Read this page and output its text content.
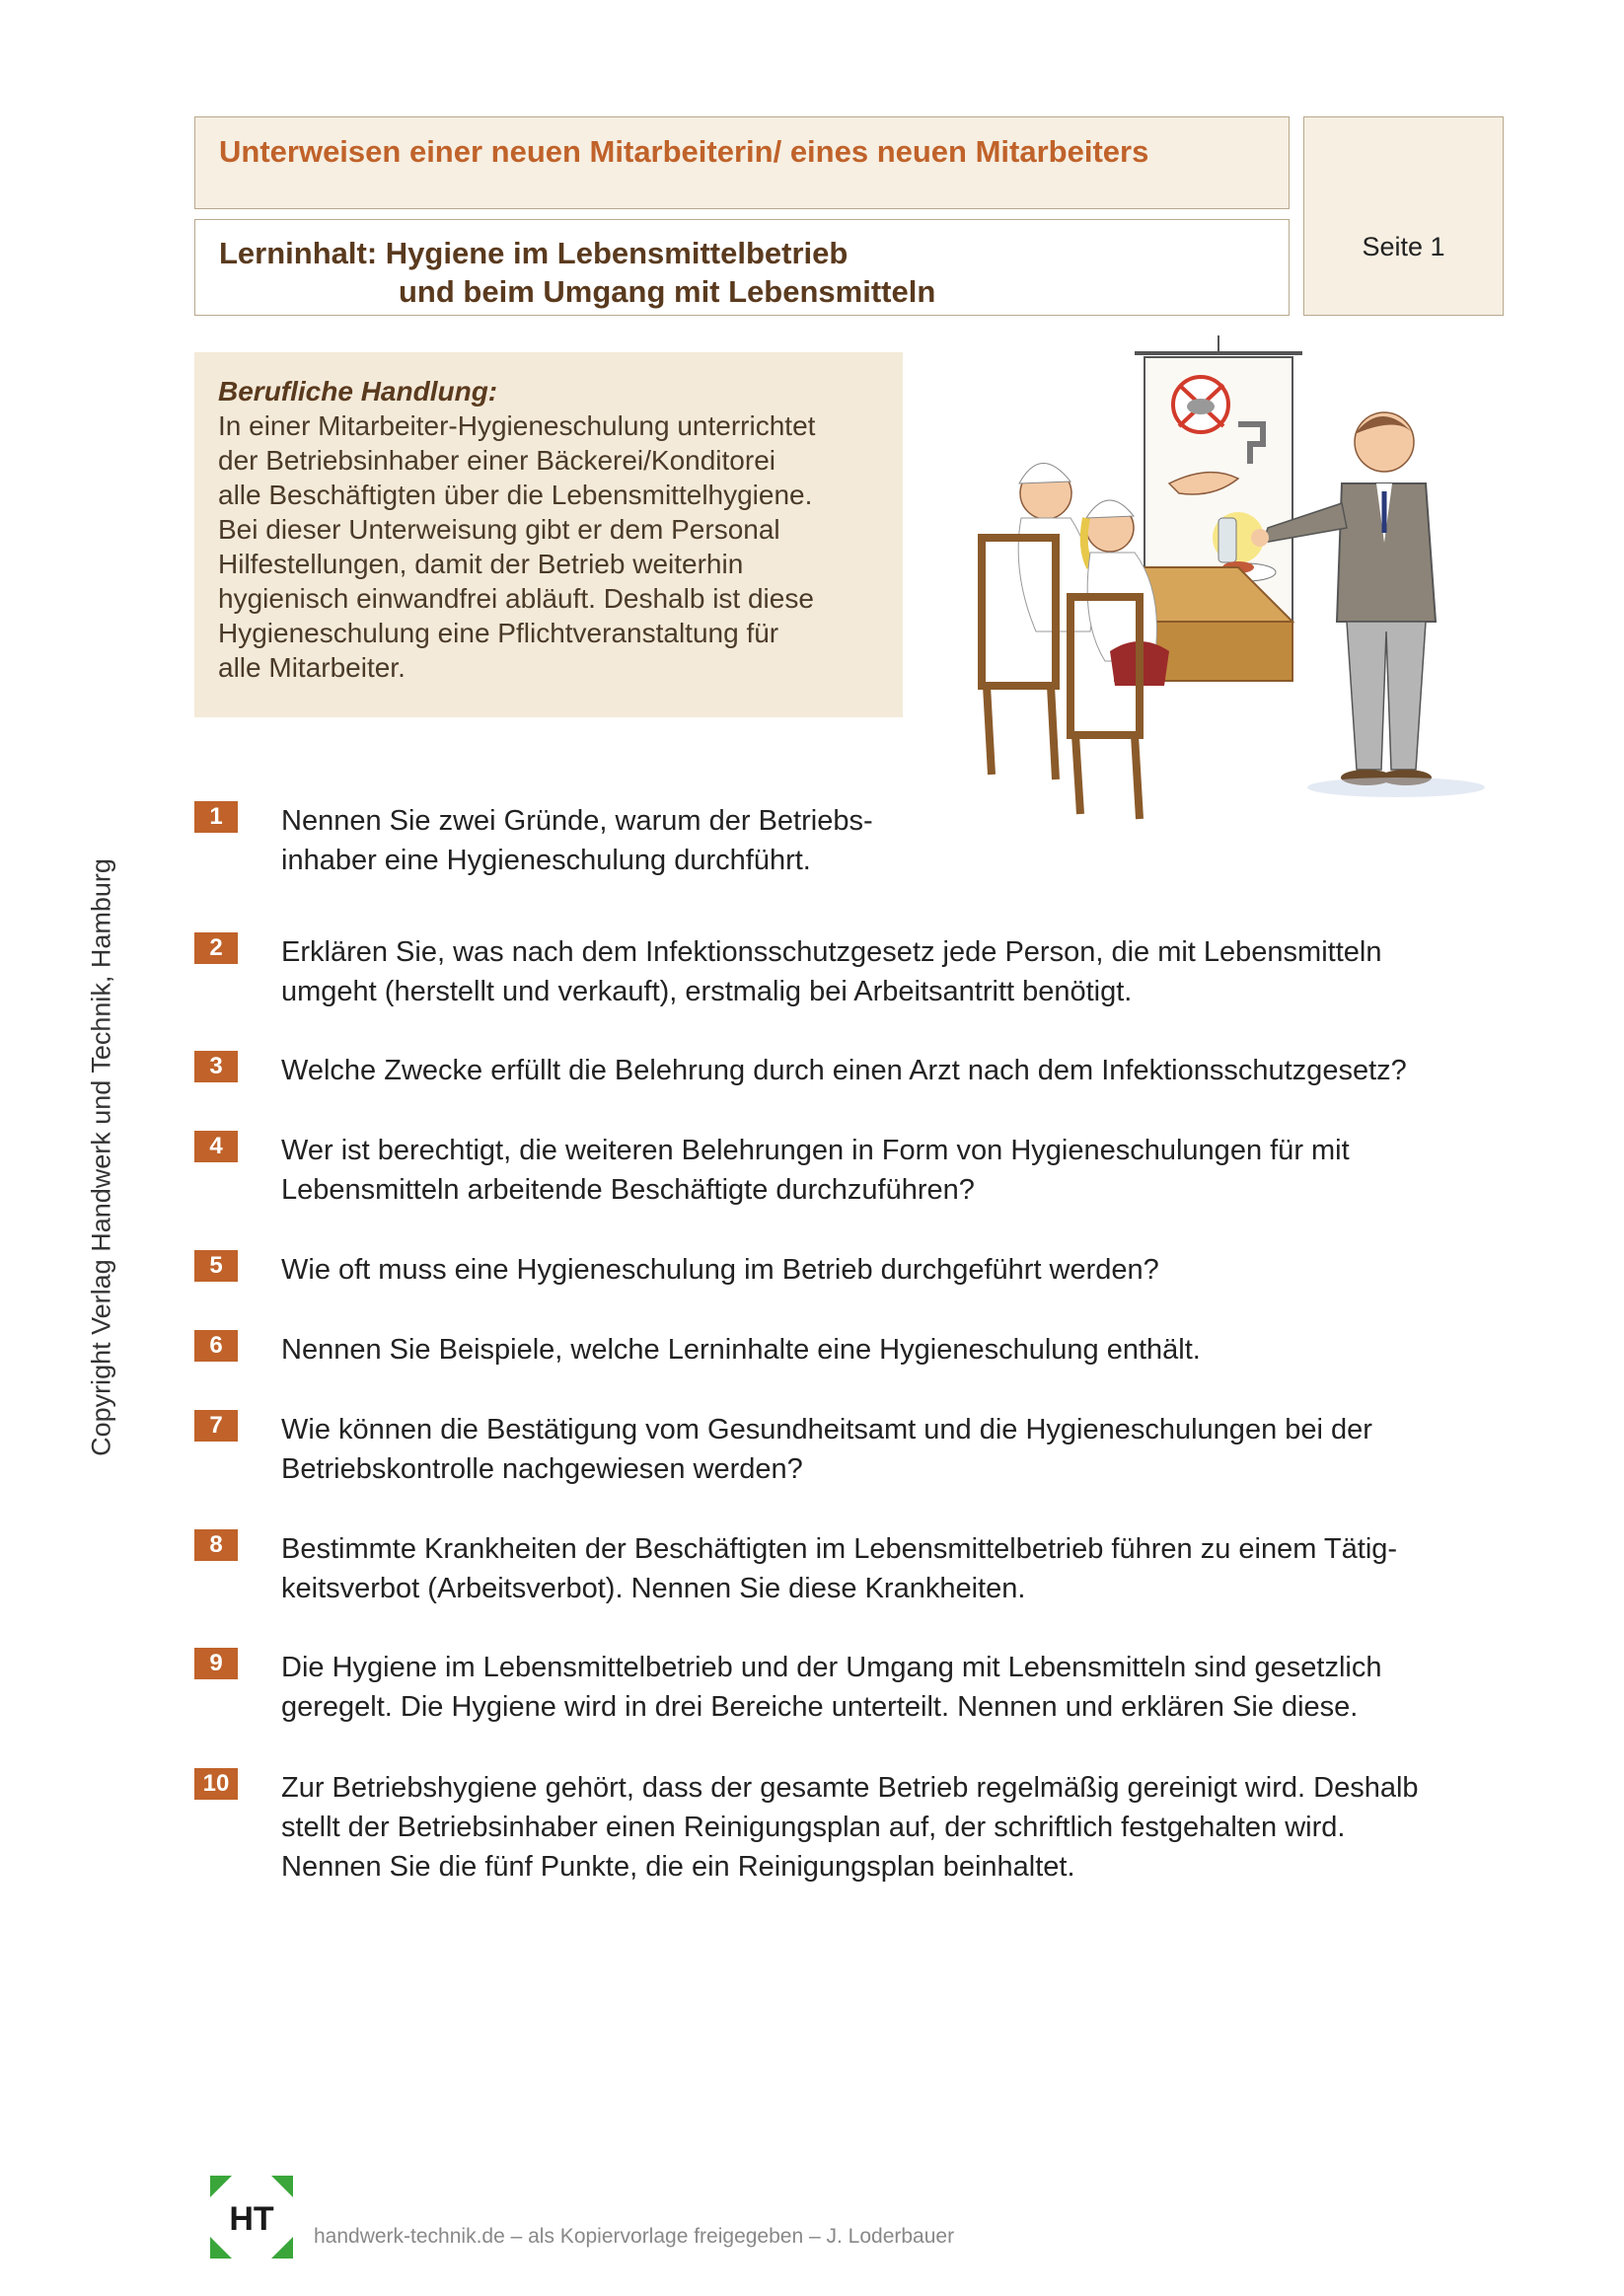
Unterweisen einer neuen Mitarbeiterin/ eines neuen Mitarbeiters
Seite 1
Lerninhalt: Hygiene im Lebensmittelbetrieb
und beim Umgang mit Lebensmitteln
Berufliche Handlung:
In einer Mitarbeiter-Hygieneschulung unterrichtet
der Betriebsinhaber einer Bäckerei/Konditorei
alle Beschäftigten über die Lebensmittelhygiene.
Bei dieser Unterweisung gibt er dem Personal
Hilfestellungen, damit der Betrieb weiterhin
hygienisch einwandfrei abläuft. Deshalb ist diese
Hygieneschulung eine Pflichtveranstaltung für
alle Mitarbeiter.
1	Nennen Sie zwei Gründe, warum der Betriebs-
inhaber eine Hygieneschulung durchführt.
2	Erklären Sie, was nach dem Infektionsschutzgesetz jede Person, die mit Lebensmitteln
umgeht (herstellt und verkauft), erstmalig bei Arbeitsantritt benötigt.
3	Welche Zwecke erfüllt die Belehrung durch einen Arzt nach dem Infektionsschutzgesetz?
4	Wer ist berechtigt, die weiteren Belehrungen in Form von Hygieneschulungen für mit
Lebensmitteln arbeitende Beschäftigte durchzuführen?
5	Wie oft muss eine Hygieneschulung im Betrieb durchgeführt werden?
6	Nennen Sie Beispiele, welche Lerninhalte eine Hygieneschulung enthält.
7	Wie können die Bestätigung vom Gesundheitsamt und die Hygieneschulungen bei der
Betriebskontrolle nachgewiesen werden?
8	Bestimmte Krankheiten der Beschäftigten im Lebensmittelbetrieb führen zu einem Tätig-
keitsverbot (Arbeitsverbot). Nennen Sie diese Krankheiten.
9	Die Hygiene im Lebensmittelbetrieb und der Umgang mit Lebensmitteln sind gesetzlich
geregelt. Die Hygiene wird in drei Bereiche unterteilt. Nennen und erklären Sie diese.
10 Zur Betriebshygiene gehört, dass der gesamte Betrieb regelmäßig gereinigt wird. Deshalb
stellt der Betriebsinhaber einen Reinigungsplan auf, der schriftlich festgehalten wird.
Nennen Sie die fünf Punkte, die ein Reinigungsplan beinhaltet.
Copyright Verlag Handwerk und Technik, Hamburg
HT handwerk-technik.de – als Kopiervorlage freigegeben – J. Loderbauer
